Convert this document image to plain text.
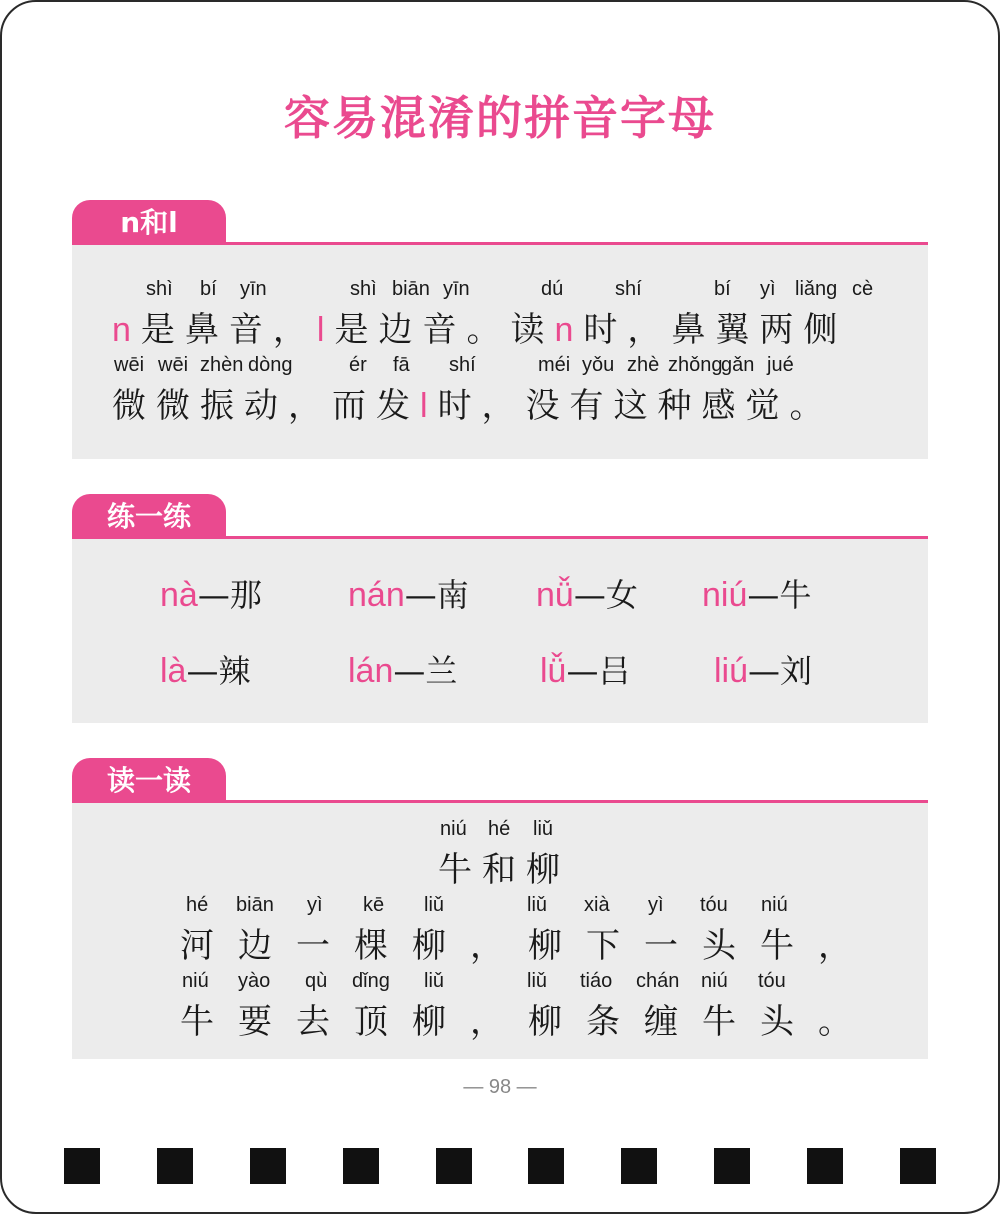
容易混淆的拼音字母
n和l
shì bí yīn	shì biān yīn	dú	shí	bí yì liǎng cè
n是鼻音，l是边音。读n时，鼻翼两侧
wēi wēi zhèn dòng	ér fā shí	méi yǒu zhè zhǒng
gǎn jué
微微振动，而发l时，没有这种感觉。
练一练
nà—那	nán—南 nǚ—女 niú—牛
là—辣	lán—兰 lǚ—吕 liú—刘
读一读
niú hé liǔ
牛和柳
hé biān yì kē liǔ	liǔ xià yì tóu niú
河边一棵柳，柳下一头牛，
niú yào qù dǐng liǔ	liǔ tiáo chán niú tóu
牛要去顶柳，柳条缠牛头。
— 98 —
